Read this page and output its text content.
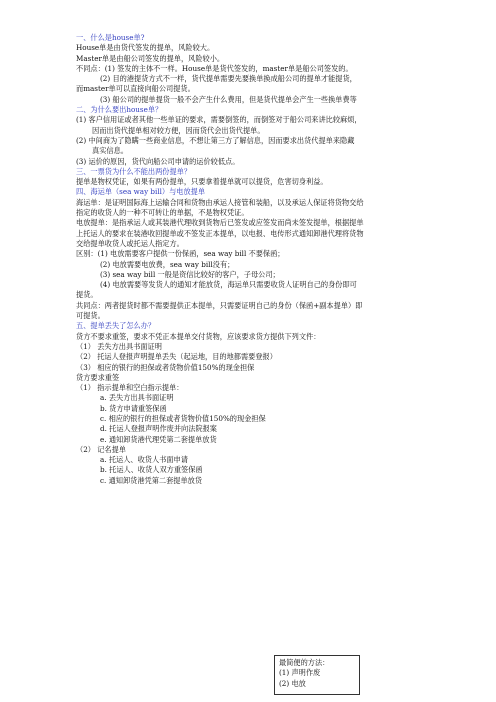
一、什么是house单?
House单是由货代签发的提单，风险较大。
Master单是由船公司签发的提单，风险较小。
不同点：(1) 签发的主体不一样。House单是货代签发的，master单是船公司签发的。
(2) 目的港提货方式不一样，货代提单需要先要换单换成船公司的提单才能提货，
而master单可以直接向船公司提货。
(3) 船公司的提单提货一般不会产生什么费用，但是货代提单会产生一些换单费等
二、为什么要出house单？
(1) 客户信用证或者其他一些单证的要求，需要倒签的，而倒签对于船公司来讲比较麻烦，
因而出货代提单相对较方便，因而货代会出货代提单。
(2) 中间商为了隐瞒一些商业信息，不想让第三方了解信息，因而要求出货代提单来隐藏
真实信息。
(3) 运价的原因，货代向船公司申请的运价较低点。
三、一票货为什么不能出两份提单？
提单是物权凭证，如果有两份提单，只要拿着提单就可以提货，危害切身利益。
四、海运单（sea way bill）与电放提单
海运单：是证明国际海上运输合同和货物由承运人接管和装船，以及承运人保证将货物交给
指定的收货人的一种不可转让的单据，不是物权凭证。
电放提单：是指承运人或其装港代理收到货物后已签发或应签发而尚未签发提单，根据提单
上托运人的要求在装港收回提单或不签发正本提单，以电报、电传形式通知卸港代理将货物
交给提单收货人或托运人指定方。
区别：(1) 电放需要客户提供一份保函，sea way bill 不要保函；
(2) 电放需要电放费，sea way bill没有；
(3) sea way bill 一般是资信比较好的客户，子母公司；
(4) 电放需要等发货人的通知才能放货，海运单只需要收货人证明自己的身份即可
提货。
共同点：两者提货时都不需要提供正本提单，只需要证明自己的身份（保函+副本提单）即
可提货。
五、提单丢失了怎么办？
货方不要求重签，要求不凭正本提单交付货物，应该要求货方提供下列文件：
（1） 丢失方出具书面证明
（2） 托运人登报声明提单丢失（起运地，目的地都需要登报）
（3） 相应的银行的担保或者货物价值150%的现金担保
货方要求重签
（1） 指示提单和空白指示提单：
a. 丢失方出具书面证明
b. 货方申请重签保函
c. 相应的银行的担保或者货物价值150%的现金担保
d. 托运人登报声明作废并向法院报案
e. 通知卸货港代理凭第二套提单放货
（2） 记名提单
a. 托运人、收货人书面申请
b. 托运人、收货人双方重签保函
c. 通知卸货港凭第二套提单放货
最简便的方法：
(1) 声明作废
(2) 电放
